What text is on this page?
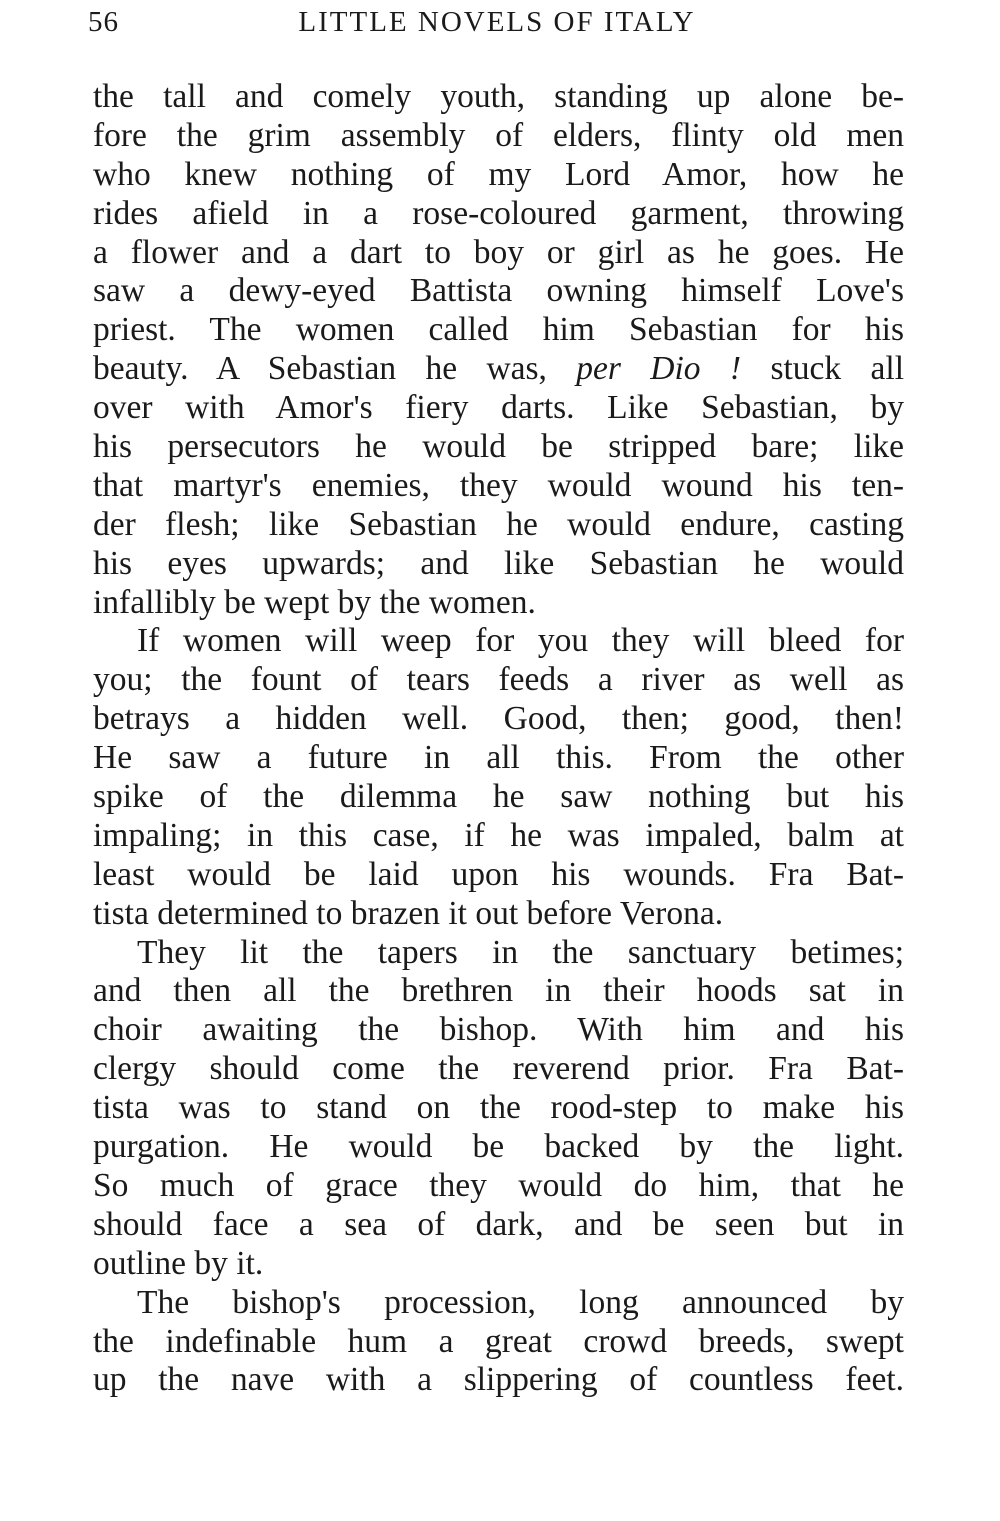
56	LITTLE NOVELS OF ITALY
the tall and comely youth, standing up alone be-
fore the grim assembly of elders, flinty old men
who knew nothing of my Lord Amor, how he
rides afield in a rose-coloured garment, throwing
a flower and a dart to boy or girl as he goes. He
saw a dewy-eyed Battista owning himself Love's
priest. The women called him Sebastian for his
beauty. A Sebastian he was, per Dio ! stuck all
over with Amor's fiery darts. Like Sebastian, by
his persecutors he would be stripped bare; like
that martyr's enemies, they would wound his ten-
der flesh; like Sebastian he would endure, casting
his eyes upwards; and like Sebastian he would
infallibly be wept by the women.
If women will weep for you they will bleed for
you; the fount of tears feeds a river as well as
betrays a hidden well. Good, then; good, then!
He saw a future in all this. From the other
spike of the dilemma he saw nothing but his
impaling; in this case, if he was impaled, balm at
least would be laid upon his wounds. Fra Bat-
tista determined to brazen it out before Verona.
They lit the tapers in the sanctuary betimes;
and then all the brethren in their hoods sat in
choir awaiting the bishop. With him and his
clergy should come the reverend prior. Fra Bat-
tista was to stand on the rood-step to make his
purgation. He would be backed by the light.
So much of grace they would do him, that he
should face a sea of dark, and be seen but in
outline by it.
The bishop's procession, long announced by
the indefinable hum a great crowd breeds, swept
up the nave with a slippering of countless feet.
